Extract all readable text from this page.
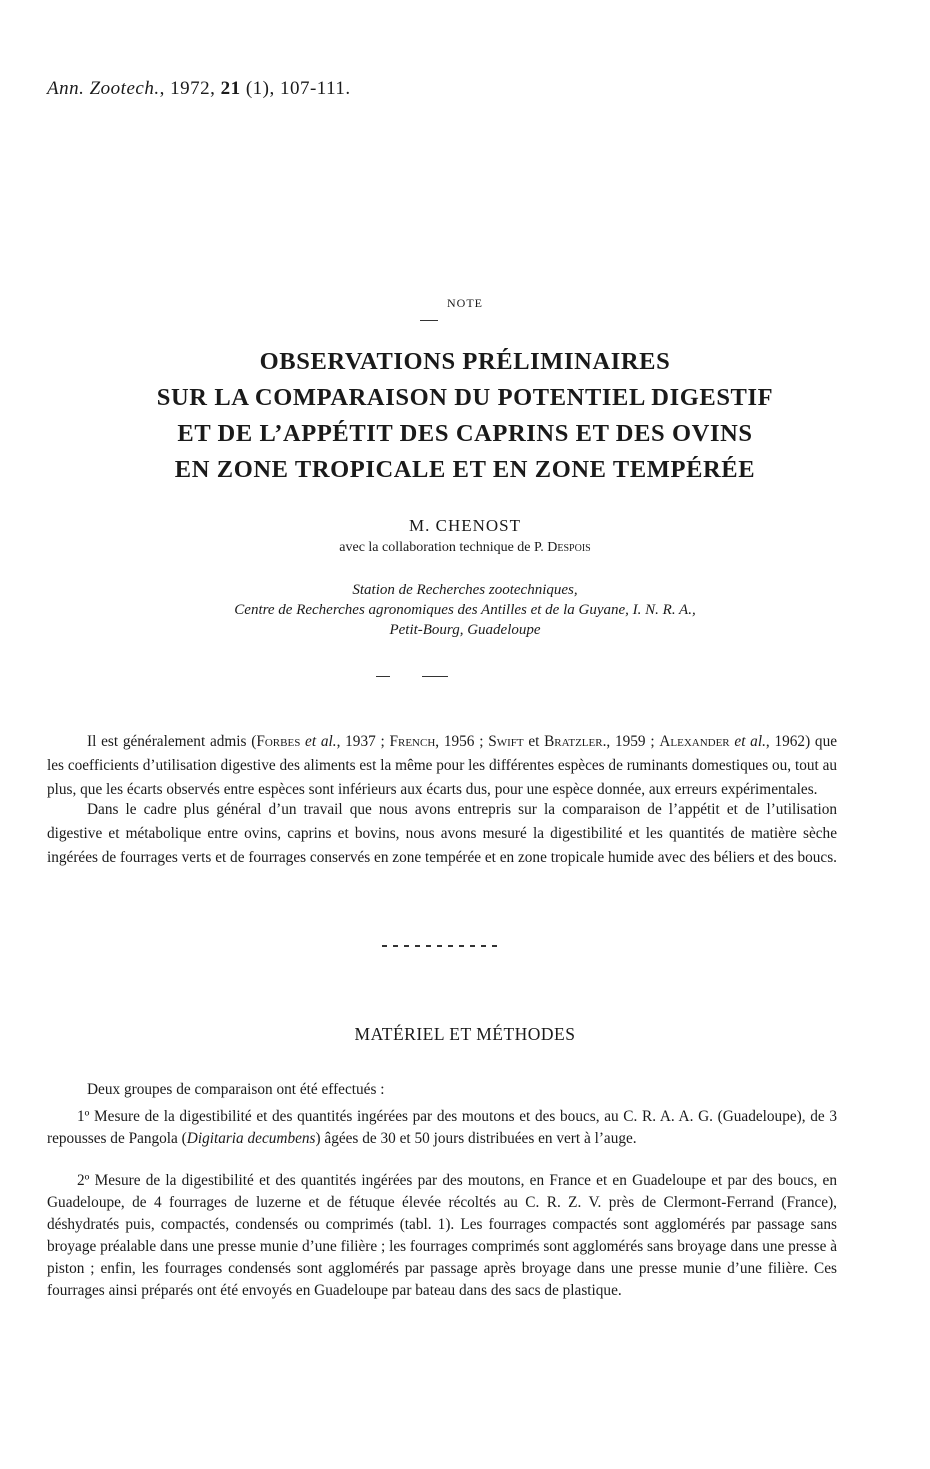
Ann. Zootech., 1972, 21 (1), 107-111.
NOTE
OBSERVATIONS PRÉLIMINAIRES
SUR LA COMPARAISON DU POTENTIEL DIGESTIF
ET DE L’APPÉTIT DES CAPRINS ET DES OVINS
EN ZONE TROPICALE ET EN ZONE TEMPÉRÉE
M. CHENOST
avec la collaboration technique de P. Despois
Station de Recherches zootechniques,
Centre de Recherches agronomiques des Antilles et de la Guyane, I. N. R. A.,
Petit-Bourg, Guadeloupe

Il est généralement admis (Forbes et al., 1937 ; French, 1956 ; Swift et Bratzler., 1959 ; Alexander et al., 1962) que les coefficients d’utilisation digestive des aliments est la même pour les différentes espèces de ruminants domestiques ou, tout au plus, que les écarts observés entre espèces sont inférieurs aux écarts dus, pour une espèce donnée, aux erreurs expérimentales.

Dans le cadre plus général d’un travail que nous avons entrepris sur la comparaison de l’appétit et de l’utilisation digestive et métabolique entre ovins, caprins et bovins, nous avons mesuré la digestibilité et les quantités de matière sèche ingérées de fourrages verts et de fourrages conservés en zone tempérée et en zone tropicale humide avec des béliers et des boucs.

MATÉRIEL ET MÉTHODES

Deux groupes de comparaison ont été effectués :

1º Mesure de la digestibilité et des quantités ingérées par des moutons et des boucs, au C. R. A. A. G. (Guadeloupe), de 3 repousses de Pangola (Digitaria decumbens) âgées de 30 et 50 jours distribuées en vert à l’auge.

2º Mesure de la digestibilité et des quantités ingérées par des moutons, en France et en Guadeloupe et par des boucs, en Guadeloupe, de 4 fourrages de luzerne et de fétuque élevée récoltés au C. R. Z. V. près de Clermont-Ferrand (France), déshydratés puis, compactés, condensés ou comprimés (tabl. 1). Les fourrages compactés sont agglomérés par passage sans broyage préalable dans une presse munie d’une filière ; les fourrages comprimés sont agglomérés sans broyage dans une presse à piston ; enfin, les fourrages condensés sont agglomérés par passage après broyage dans une presse munie d’une filière. Ces fourrages ainsi préparés ont été envoyés en Guadeloupe par bateau dans des sacs de plastique.
